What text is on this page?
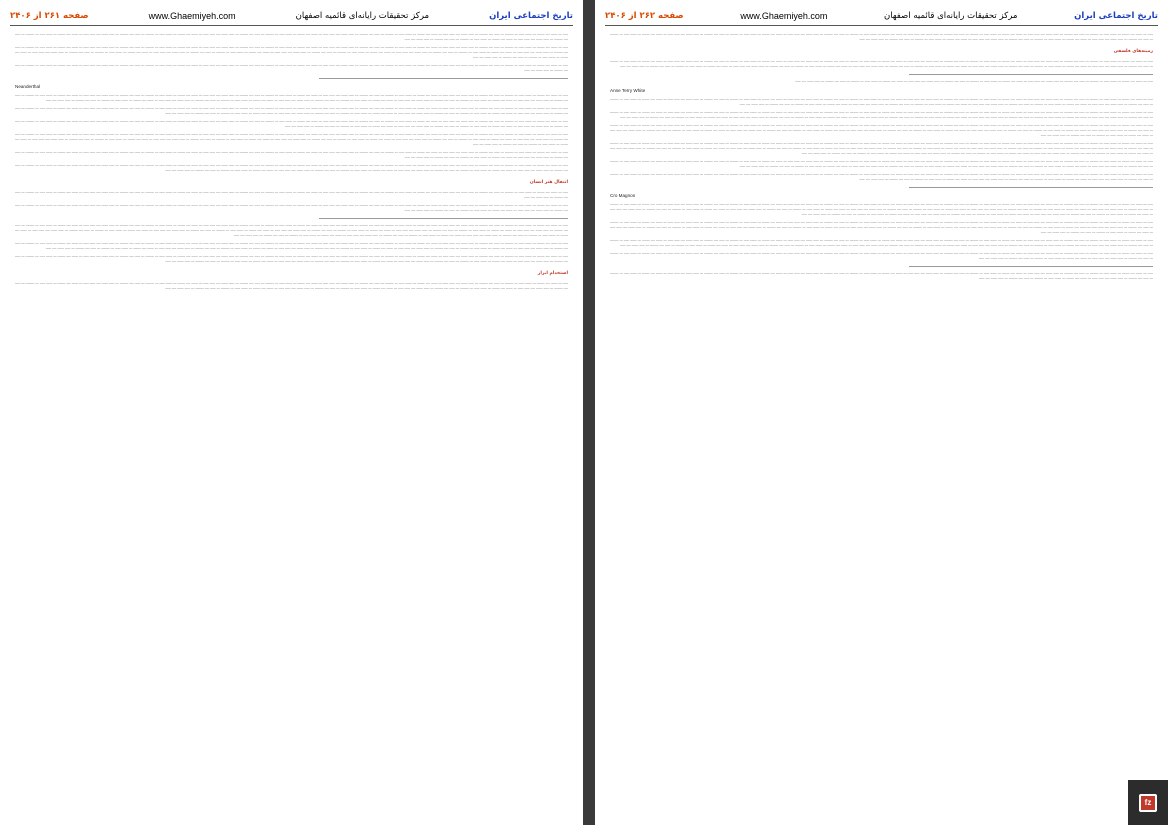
صفحه ۲۶۱ از ۲۴۰۶	www.Ghaemiyeh.com	مرکز تحقیقات رایانه‌ای قائمیه اصفهان	تاریخ اجتماعی ایران

ـــــ ـــ ــــــ ــــ ـــــــ ـــ ــــــ ـــــ ـــ ــــــــ ـــ ـــــ ــــ ــــــــ ـــ ـــــ ــــــ ــــ ـــــ ـــــ ـــ ــــــ ــــ ـــــــ ـــ ــــــ ـــــ ـــ ــــــــ ـــ ـــــ ــــ ــــــــ ـــ ـــــ ــــــ ــــ ـــــ ـــــ ـــ ــــــ ــــ ـــــــ ـــ ــــــ ـــــ ـــ ــــــــ ـــ ـــــ ــــ ــــــــ ـــ ـــــ ــــــ ــــ ـــــ ـــــ ـــ ــــــ ــــ ـــــــ ـــ ــــــ ـــــ ـــ ــــــــ ـــ ـــــ ــــ ــــــــ ـــ ـــــ ــــــ ــــ ـــــ ـــــ ـــ ــــــ ــــ ـــــــ ـــ ــــــ ـــــ ـــ ــــــــ ـــ ـــــ ــــ ــــــــ ـــ ـــــ ــــــ ــــ ـــــ ـــــ ـــ ــــــ ــــ ـــــــ ـــ ــــــ ـــــ ـــ ــــــــ ـــ ـــــ ــــ ــــــــ ـــ ـــــ ــــــ ــــ ـــــ

ـــــ ـــ ــــــ ــــ ـــــــ ـــ ــــــ ـــــ ـــ ــــــــ ـــ ـــــ ــــ ــــــــ ـــ ـــــ ــــــ ــــ ـــــ ـــــ ـــ ــــــ ــــ ـــــــ ـــ ــــــ ـــــ ـــ ــــــــ ـــ ـــــ ــــ ــــــــ ـــ ـــــ ــــــ ــــ ـــــ ـــــ ـــ ــــــ ــــ ـــــــ ـــ ــــــ ـــــ ـــ ــــــــ ـــ ـــــ ــــ ــــــــ ـــ ـــــ ــــــ ــــ ـــــ ـــــ ـــ ــــــ ــــ ـــــــ ـــ ــــــ ـــــ ـــ ــــــــ ـــ ـــــ ــــ ــــــــ ـــ ـــــ ــــــ ــــ ـــــ ـــــ ـــ ــــــ ــــ ـــــــ ـــ ــــــ ـــــ ـــ ــــــــ ـــ ـــــ ــــ ــــــــ ـــ ـــــ ــــــ ــــ ـــــ ـــــ ـــ ــــــ ــــ ـــــــ ـــ ــــــ ـــــ ـــ ــــــــ ـــ ـــــ ــــ ــــــــ ـــ ـــــ ــــــ ــــ ـــــ ـــــ ـــ ــــــ ــــ ـــــــ ـــ ــــــ ـــــ ـــ ــــــــ ـــ ـــــ ــــ ــــــــ ـــ ـــــ ــــــ ــــ ـــــ ـــــ ـــ ــــــ ــــ ـــــــ ـــ ــــــ ـــــ ـــ ــــــــ ـــ ـــــ ــــ ــــــــ ـــ ـــــ ــــــ ــــ ـــــ ـــــ ـــ ــــــ ــــ ـــــــ ـــ ــــــ ـــــ ـــ ــــــــ ـــ ـــــ ــــ ــــــــ ـــ ـــــ ــــــ ــــ ـــــ ـــــ ـــ ــــــ ــــ ـــــــ ـــ ــــــ ـــــ ـــ ــــــــ ـــ ـــــ ــــ ــــــــ ـــ ـــــ ــــــ ــــ ـــــ

ـــــ ـــ ــــــ ــــ ـــــــ ـــ ــــــ ـــــ ـــ ــــــــ ـــ ـــــ ــــ ــــــــ ـــ ـــــ ــــــ ــــ ـــــ ـــــ ـــ ــــــ ــــ ـــــــ ـــ ــــــ ـــــ ـــ ــــــــ ـــ ـــــ ــــ ــــــــ ـــ ـــــ ــــــ ــــ ـــــ ـــــ ـــ ــــــ ــــ ـــــــ ـــ ــــــ ـــــ ـــ ــــــــ ـــ ـــــ ــــ ــــــــ ـــ ـــــ ــــــ ــــ ـــــ ـــــ ـــ ــــــ ــــ ـــــــ ـــ ــــــ ـــــ ـــ ــــــــ ـــ ـــــ ــــ ــــــــ ـــ ـــــ ــــــ ــــ ـــــ ـــــ ـــ ــــــ ــــ ـــــــ ـــ ــــــ ـــــ ـــ ــــــــ ـــ ـــــ ــــ ــــــــ ـــ ـــــ ــــــ ــــ ـــــ

Neanderthal

ـــــ ـــ ــــــ ــــ ـــــــ ـــ ــــــ ـــــ ـــ ــــــــ ـــ ـــــ ــــ ــــــــ ـــ ـــــ ــــــ ــــ ـــــ ـــــ ـــ ــــــ ــــ ـــــــ ـــ ــــــ ـــــ ـــ ــــــــ ـــ ـــــ ــــ ــــــــ ـــ ـــــ ــــــ ــــ ـــــ ـــــ ـــ ــــــ ــــ ـــــــ ـــ ــــــ ـــــ ـــ ــــــــ ـــ ـــــ ــــ ــــــــ ـــ ـــــ ــــــ ــــ ـــــ ـــــ ـــ ــــــ ــــ ـــــــ ـــ ــــــ ـــــ ـــ ــــــــ ـــ ـــــ ــــ ــــــــ ـــ ـــــ ــــــ ــــ ـــــ ـــــ ـــ ــــــ ــــ ـــــــ ـــ ــــــ ـــــ ـــ ــــــــ ـــ ـــــ ــــ ــــــــ ـــ ـــــ ــــــ ــــ ـــــ ـــــ ـــ ــــــ ــــ ـــــــ ـــ ــــــ ـــــ ـــ ــــــــ ـــ ـــــ ــــ ــــــــ ـــ ـــــ ــــــ ــــ ـــــ ـــــ ـــ ــــــ ــــ ـــــــ ـــ ــــــ ـــــ ـــ ــــــــ ـــ ـــــ ــــ ــــــــ ـــ ـــــ ــــــ ــــ ـــــ ـــــ ـــ ــــــ ــــ ـــــــ ـــ ــــــ ـــــ ـــ ــــــــ ـــ ـــــ ــــ ــــــــ ـــ ـــــ ــــــ ــــ ـــــ ـــــ ـــ ــــــ ــــ ـــــــ ـــ ــــــ ـــــ ـــ ــــــــ ـــ ـــــ ــــ ــــــــ ـــ ـــــ ــــــ ــــ ـــــ

ـــــ ـــ ــــــ ــــ ـــــــ ـــ ــــــ ـــــ ـــ ــــــــ ـــ ـــــ ــــ ــــــــ ـــ ـــــ ــــــ ــــ ـــــ ـــــ ـــ ــــــ ــــ ـــــــ ـــ ــــــ ـــــ ـــ ــــــــ ـــ ـــــ ــــ ــــــــ ـــ ـــــ ــــــ ــــ ـــــ ـــــ ـــ ــــــ ــــ ـــــــ ـــ ــــــ ـــــ ـــ ــــــــ ـــ ـــــ ــــ ــــــــ ـــ ـــــ ــــــ ــــ ـــــ ـــــ ـــ ــــــ ــــ ـــــــ ـــ ــــــ ـــــ ـــ ــــــــ ـــ ـــــ ــــ ــــــــ ـــ ـــــ ــــــ ــــ ـــــ ـــــ ـــ ــــــ ــــ ـــــــ ـــ ــــــ ـــــ ـــ ــــــــ ـــ ـــــ ــــ ــــــــ ـــ ـــــ ــــــ ــــ ـــــ ـــــ ـــ ــــــ ــــ ـــــــ ـــ ــــــ ـــــ ـــ ــــــــ ـــ ـــــ ــــ ــــــــ ـــ ـــــ ــــــ ــــ ـــــ ـــــ ـــ ــــــ ــــ ـــــــ ـــ ــــــ ـــــ ـــ ــــــــ ـــ ـــــ ــــ ــــــــ ـــ ـــــ ــــــ ــــ ـــــ ـــــ ـــ ــــــ ــــ ـــــــ ـــ ــــــ ـــــ ـــ ــــــــ ـــ ـــــ ــــ ــــــــ ـــ ـــــ ــــــ ــــ ـــــ

ـــــ ـــ ــــــ ــــ ـــــــ ـــ ــــــ ـــــ ـــ ــــــــ ـــ ـــــ ــــ ــــــــ ـــ ـــــ ــــــ ــــ ـــــ ـــــ ـــ ــــــ ــــ ـــــــ ـــ ــــــ ـــــ ـــ ــــــــ ـــ ـــــ ــــ ــــــــ ـــ ـــــ ــــــ ــــ ـــــ ـــــ ـــ ــــــ ــــ ـــــــ ـــ ــــــ ـــــ ـــ ــــــــ ـــ ـــــ ــــ ــــــــ ـــ ـــــ ــــــ ــــ ـــــ ـــــ ـــ ــــــ ــــ ـــــــ ـــ ــــــ ـــــ ـــ ــــــــ ـــ ـــــ ــــ ــــــــ ـــ ـــــ ــــــ ــــ ـــــ ـــــ ـــ ــــــ ــــ ـــــــ ـــ ــــــ ـــــ ـــ ــــــــ ـــ ـــــ ــــ ــــــــ ـــ ـــــ ــــــ ــــ ـــــ ـــــ ـــ ــــــ ــــ ـــــــ ـــ ــــــ ـــــ ـــ ــــــــ ـــ ـــــ ــــ ــــــــ ـــ ـــــ ــــــ ــــ ـــــ ـــــ ـــ ــــــ ــــ ـــــــ ـــ ــــــ ـــــ ـــ ــــــــ ـــ ـــــ ــــ ــــــــ ـــ ـــــ ــــــ ــــ ـــــ

ـــــ ـــ ــــــ ــــ ـــــــ ـــ ــــــ ـــــ ـــ ــــــــ ـــ ـــــ ــــ ــــــــ ـــ ـــــ ــــــ ــــ ـــــ ـــــ ـــ ــــــ ــــ ـــــــ ـــ ــــــ ـــــ ـــ ــــــــ ـــ ـــــ ــــ ــــــــ ـــ ـــــ ــــــ ــــ ـــــ ـــــ ـــ ــــــ ــــ ـــــــ ـــ ــــــ ـــــ ـــ ــــــــ ـــ ـــــ ــــ ــــــــ ـــ ـــــ ــــــ ــــ ـــــ ـــــ ـــ ــــــ ــــ ـــــــ ـــ ــــــ ـــــ ـــ ــــــــ ـــ ـــــ ــــ ــــــــ ـــ ـــــ ــــــ ــــ ـــــ ـــــ ـــ ــــــ ــــ ـــــــ ـــ ــــــ ـــــ ـــ ــــــــ ـــ ـــــ ــــ ــــــــ ـــ ـــــ ــــــ ــــ ـــــ ـــــ ـــ ــــــ ــــ ـــــــ ـــ ــــــ ـــــ ـــ ــــــــ ـــ ـــــ ــــ ــــــــ ـــ ـــــ ــــــ ــــ ـــــ ـــــ ـــ ــــــ ــــ ـــــــ ـــ ــــــ ـــــ ـــ ــــــــ ـــ ـــــ ــــ ــــــــ ـــ ـــــ ــــــ ــــ ـــــ ـــــ ـــ ــــــ ــــ ـــــــ ـــ ــــــ ـــــ ـــ ــــــــ ـــ ـــــ ــــ ــــــــ ـــ ـــــ ــــــ ــــ ـــــ ـــــ ـــ ــــــ ــــ ـــــــ ـــ ــــــ ـــــ ـــ ــــــــ ـــ ـــــ ــــ ــــــــ ـــ ـــــ ــــــ ــــ ـــــ ـــــ ـــ ــــــ ــــ ـــــــ ـــ ــــــ ـــــ ـــ ــــــــ ـــ ـــــ ــــ ــــــــ ـــ ـــــ ــــــ ــــ ـــــ

ـــــ ـــ ــــــ ــــ ـــــــ ـــ ــــــ ـــــ ـــ ــــــــ ـــ ـــــ ــــ ــــــــ ـــ ـــــ ــــــ ــــ ـــــ ـــــ ـــ ــــــ ــــ ـــــــ ـــ ــــــ ـــــ ـــ ــــــــ ـــ ـــــ ــــ ــــــــ ـــ ـــــ ــــــ ــــ ـــــ ـــــ ـــ ــــــ ــــ ـــــــ ـــ ــــــ ـــــ ـــ ــــــــ ـــ ـــــ ــــ ــــــــ ـــ ـــــ ــــــ ــــ ـــــ ـــــ ـــ ــــــ ــــ ـــــــ ـــ ــــــ ـــــ ـــ ــــــــ ـــ ـــــ ــــ ــــــــ ـــ ـــــ ــــــ ــــ ـــــ ـــــ ـــ ــــــ ــــ ـــــــ ـــ ــــــ ـــــ ـــ ــــــــ ـــ ـــــ ــــ ــــــــ ـــ ـــــ ــــــ ــــ ـــــ ـــــ ـــ ــــــ ــــ ـــــــ ـــ ــــــ ـــــ ـــ ــــــــ ـــ ـــــ ــــ ــــــــ ـــ ـــــ ــــــ ــــ ـــــ

ـــــ ـــ ــــــ ــــ ـــــــ ـــ ــــــ ـــــ ـــ ــــــــ ـــ ـــــ ــــ ــــــــ ـــ ـــــ ــــــ ــــ ـــــ ـــــ ـــ ــــــ ــــ ـــــــ ـــ ــــــ ـــــ ـــ ــــــــ ـــ ـــــ ــــ ــــــــ ـــ ـــــ ــــــ ــــ ـــــ ـــــ ـــ ــــــ ــــ ـــــــ ـــ ــــــ ـــــ ـــ ــــــــ ـــ ـــــ ــــ ــــــــ ـــ ـــــ ــــــ ــــ ـــــ ـــــ ـــ ــــــ ــــ ـــــــ ـــ ــــــ ـــــ ـــ ــــــــ ـــ ـــــ ــــ ــــــــ ـــ ـــــ ــــــ ــــ ـــــ ـــــ ـــ ــــــ ــــ ـــــــ ـــ ــــــ ـــــ ـــ ــــــــ ـــ ـــــ ــــ ــــــــ ـــ ـــــ ــــــ ــــ ـــــ ـــــ ـــ ــــــ ــــ ـــــــ ـــ ــــــ ـــــ ـــ ــــــــ ـــ ـــــ ــــ ــــــــ ـــ ـــــ ــــــ ــــ ـــــ ـــــ ـــ ــــــ ــــ ـــــــ ـــ ــــــ ـــــ ـــ ــــــــ ـــ ـــــ ــــ ــــــــ ـــ ـــــ ــــــ ــــ ـــــ ـــــ ـــ ــــــ ــــ ـــــــ ـــ ــــــ ـــــ ـــ ــــــــ ـــ ـــــ ــــ ــــــــ ـــ ـــــ ــــــ ــــ ـــــ

انتقال هنر انسان

ـــــ ـــ ــــــ ــــ ـــــــ ـــ ــــــ ـــــ ـــ ــــــــ ـــ ـــــ ــــ ــــــــ ـــ ـــــ ــــــ ــــ ـــــ ـــــ ـــ ــــــ ــــ ـــــــ ـــ ــــــ ـــــ ـــ ــــــــ ـــ ـــــ ــــ ــــــــ ـــ ـــــ ــــــ ــــ ـــــ ـــــ ـــ ــــــ ــــ ـــــــ ـــ ــــــ ـــــ ـــ ــــــــ ـــ ـــــ ــــ ــــــــ ـــ ـــــ ــــــ ــــ ـــــ ـــــ ـــ ــــــ ــــ ـــــــ ـــ ــــــ ـــــ ـــ ــــــــ ـــ ـــــ ــــ ــــــــ ـــ ـــــ ــــــ ــــ ـــــ ـــــ ـــ ــــــ ــــ ـــــــ ـــ ــــــ ـــــ ـــ ــــــــ ـــ ـــــ ــــ ــــــــ ـــ ـــــ ــــــ ــــ ـــــ

ـــــ ـــ ــــــ ــــ ـــــــ ـــ ــــــ ـــــ ـــ ــــــــ ـــ ـــــ ــــ ــــــــ ـــ ـــــ ــــــ ــــ ـــــ ـــــ ـــ ــــــ ــــ ـــــــ ـــ ــــــ ـــــ ـــ ــــــــ ـــ ـــــ ــــ ــــــــ ـــ ـــــ ــــــ ــــ ـــــ ـــــ ـــ ــــــ ــــ ـــــــ ـــ ــــــ ـــــ ـــ ــــــــ ـــ ـــــ ــــ ــــــــ ـــ ـــــ ــــــ ــــ ـــــ ـــــ ـــ ــــــ ــــ ـــــــ ـــ ــــــ ـــــ ـــ ــــــــ ـــ ـــــ ــــ ــــــــ ـــ ـــــ ــــــ ــــ ـــــ ـــــ ـــ ــــــ ــــ ـــــــ ـــ ــــــ ـــــ ـــ ــــــــ ـــ ـــــ ــــ ــــــــ ـــ ـــــ ــــــ ــــ ـــــ ـــــ ـــ ــــــ ــــ ـــــــ ـــ ــــــ ـــــ ـــ ــــــــ ـــ ـــــ ــــ ــــــــ ـــ ـــــ ــــــ ــــ ـــــ

ـــــ ـــ ــــــ ــــ ـــــــ ـــ ــــــ ـــــ ـــ ــــــــ ـــ ـــــ ــــ ــــــــ ـــ ـــــ ــــــ ــــ ـــــ ـــــ ـــ ــــــ ــــ ـــــــ ـــ ــــــ ـــــ ـــ ــــــــ ـــ ـــــ ــــ ــــــــ ـــ ـــــ ــــــ ــــ ـــــ ـــــ ـــ ــــــ ــــ ـــــــ ـــ ــــــ ـــــ ـــ ــــــــ ـــ ـــــ ــــ ــــــــ ـــ ـــــ ــــــ ــــ ـــــ ـــــ ـــ ــــــ ــــ ـــــــ ـــ ــــــ ـــــ ـــ ــــــــ ـــ ـــــ ــــ ــــــــ ـــ ـــــ ــــــ ــــ ـــــ ـــــ ـــ ــــــ ــــ ـــــــ ـــ ــــــ ـــــ ـــ ــــــــ ـــ ـــــ ــــ ــــــــ ـــ ـــــ ــــــ ــــ ـــــ ـــــ ـــ ــــــ ــــ ـــــــ ـــ ــــــ ـــــ ـــ ــــــــ ـــ ـــــ ــــ ــــــــ ـــ ـــــ ــــــ ــــ ـــــ ـــــ ـــ ــــــ ــــ ـــــــ ـــ ــــــ ـــــ ـــ ــــــــ ـــ ـــــ ــــ ــــــــ ـــ ـــــ ــــــ ــــ ـــــ ـــــ ـــ ــــــ ــــ ـــــــ ـــ ــــــ ـــــ ـــ ــــــــ ـــ ـــــ ــــ ــــــــ ـــ ـــــ ــــــ ــــ ـــــ ـــــ ـــ ــــــ ــــ ـــــــ ـــ ــــــ ـــــ ـــ ــــــــ ـــ ـــــ ــــ ــــــــ ـــ ـــــ ــــــ ــــ ـــــ ـــــ ـــ ــــــ ــــ ـــــــ ـــ ــــــ ـــــ ـــ ــــــــ ـــ ـــــ ــــ ــــــــ ـــ ـــــ ــــــ ــــ ـــــ ـــــ ـــ ــــــ ــــ ـــــــ ـــ ــــــ ـــــ ـــ ــــــــ ـــ ـــــ ــــ ــــــــ ـــ ـــــ ــــــ ــــ ـــــ ـــــ ـــ ــــــ ــــ ـــــــ ـــ ــــــ ـــــ ـــ ــــــــ ـــ ـــــ ــــ ــــــــ ـــ ـــــ ــــــ ــــ ـــــ

ـــــ ـــ ــــــ ــــ ـــــــ ـــ ــــــ ـــــ ـــ ــــــــ ـــ ـــــ ــــ ــــــــ ـــ ـــــ ــــــ ــــ ـــــ ـــــ ـــ ــــــ ــــ ـــــــ ـــ ــــــ ـــــ ـــ ــــــــ ـــ ـــــ ــــ ــــــــ ـــ ـــــ ــــــ ــــ ـــــ ـــــ ـــ ــــــ ــــ ـــــــ ـــ ــــــ ـــــ ـــ ــــــــ ـــ ـــــ ــــ ــــــــ ـــ ـــــ ــــــ ــــ ـــــ ـــــ ـــ ــــــ ــــ ـــــــ ـــ ــــــ ـــــ ـــ ــــــــ ـــ ـــــ ــــ ــــــــ ـــ ـــــ ــــــ ــــ ـــــ ـــــ ـــ ــــــ ــــ ـــــــ ـــ ــــــ ـــــ ـــ ــــــــ ـــ ـــــ ــــ ــــــــ ـــ ـــــ ــــــ ــــ ـــــ ـــــ ـــ ــــــ ــــ ـــــــ ـــ ــــــ ـــــ ـــ ــــــــ ـــ ـــــ ــــ ــــــــ ـــ ـــــ ــــــ ــــ ـــــ ـــــ ـــ ــــــ ــــ ـــــــ ـــ ــــــ ـــــ ـــ ــــــــ ـــ ـــــ ــــ ــــــــ ـــ ـــــ ــــــ ــــ ـــــ ـــــ ـــ ــــــ ــــ ـــــــ ـــ ــــــ ـــــ ـــ ــــــــ ـــ ـــــ ــــ ــــــــ ـــ ـــــ ــــــ ــــ ـــــ ـــــ ـــ ــــــ ــــ ـــــــ ـــ ــــــ ـــــ ـــ ــــــــ ـــ ـــــ ــــ ــــــــ ـــ ـــــ ــــــ ــــ ـــــ

ـــــ ـــ ــــــ ــــ ـــــــ ـــ ــــــ ـــــ ـــ ــــــــ ـــ ـــــ ــــ ــــــــ ـــ ـــــ ــــــ ــــ ـــــ ـــــ ـــ ــــــ ــــ ـــــــ ـــ ــــــ ـــــ ـــ ــــــــ ـــ ـــــ ــــ ــــــــ ـــ ـــــ ــــــ ــــ ـــــ ـــــ ـــ ــــــ ــــ ـــــــ ـــ ــــــ ـــــ ـــ ــــــــ ـــ ـــــ ــــ ــــــــ ـــ ـــــ ــــــ ــــ ـــــ ـــــ ـــ ــــــ ــــ ـــــــ ـــ ــــــ ـــــ ـــ ــــــــ ـــ ـــــ ــــ ــــــــ ـــ ـــــ ــــــ ــــ ـــــ ـــــ ـــ ــــــ ــــ ـــــــ ـــ ــــــ ـــــ ـــ ــــــــ ـــ ـــــ ــــ ــــــــ ـــ ـــــ ــــــ ــــ ـــــ ـــــ ـــ ــــــ ــــ ـــــــ ـــ ــــــ ـــــ ـــ ــــــــ ـــ ـــــ ــــ ــــــــ ـــ ـــــ ــــــ ــــ ـــــ ـــــ ـــ ــــــ ــــ ـــــــ ـــ ــــــ ـــــ ـــ ــــــــ ـــ ـــــ ــــ ــــــــ ـــ ـــــ ــــــ ــــ ـــــ ـــــ ـــ ــــــ ــــ ـــــــ ـــ ــــــ ـــــ ـــ ــــــــ ـــ ـــــ ــــ ــــــــ ـــ ـــــ ــــــ ــــ ـــــ

استخدام ابزار

ـــــ ـــ ــــــ ــــ ـــــــ ـــ ــــــ ـــــ ـــ ــــــــ ـــ ـــــ ــــ ــــــــ ـــ ـــــ ــــــ ــــ ـــــ ـــــ ـــ ــــــ ــــ ـــــــ ـــ ــــــ ـــــ ـــ ــــــــ ـــ ـــــ ــــ ــــــــ ـــ ـــــ ــــــ ــــ ـــــ ـــــ ـــ ــــــ ــــ ـــــــ ـــ ــــــ ـــــ ـــ ــــــــ ـــ ـــــ ــــ ــــــــ ـــ ـــــ ــــــ ــــ ـــــ ـــــ ـــ ــــــ ــــ ـــــــ ـــ ــــــ ـــــ ـــ ــــــــ ـــ ـــــ ــــ ــــــــ ـــ ـــــ ــــــ ــــ ـــــ ـــــ ـــ ــــــ ــــ ـــــــ ـــ ــــــ ـــــ ـــ ــــــــ ـــ ـــــ ــــ ــــــــ ـــ ـــــ ــــــ ــــ ـــــ ـــــ ـــ ــــــ ــــ ـــــــ ـــ ــــــ ـــــ ـــ ــــــــ ـــ ـــــ ــــ ــــــــ ـــ ـــــ ــــــ ــــ ـــــ ـــــ ـــ ــــــ ــــ ـــــــ ـــ ــــــ ـــــ ـــ ــــــــ ـــ ـــــ ــــ ــــــــ ـــ ـــــ ــــــ ــــ ـــــ ـــــ ـــ ــــــ ــــ ـــــــ ـــ ــــــ ـــــ ـــ ــــــــ ـــ ـــــ ــــ ــــــــ ـــ ـــــ ــــــ ــــ ـــــ

صفحه ۲۶۲ از ۲۴۰۶	www.Ghaemiyeh.com	مرکز تحقیقات رایانه‌ای قائمیه اصفهان	تاریخ اجتماعی ایران

ـــــ ـــ ــــــ ــــ ـــــــ ـــ ــــــ ـــــ ـــ ــــــــ ـــ ـــــ ــــ ــــــــ ـــ ـــــ ــــــ ــــ ـــــ ـــــ ـــ ــــــ ــــ ـــــــ ـــ ــــــ ـــــ ـــ ــــــــ ـــ ـــــ ــــ ــــــــ ـــ ـــــ ــــــ ــــ ـــــ ـــــ ـــ ــــــ ــــ ـــــــ ـــ ــــــ ـــــ ـــ ــــــــ ـــ ـــــ ــــ ــــــــ ـــ ـــــ ــــــ ــــ ـــــ ـــــ ـــ ــــــ ــــ ـــــــ ـــ ــــــ ـــــ ـــ ــــــــ ـــ ـــــ ــــ ــــــــ ـــ ـــــ ــــــ ــــ ـــــ ـــــ ـــ ــــــ ــــ ـــــــ ـــ ــــــ ـــــ ـــ ــــــــ ـــ ـــــ ــــ ــــــــ ـــ ـــــ ــــــ ــــ ـــــ ـــــ ـــ ــــــ ــــ ـــــــ ـــ ــــــ ـــــ ـــ ــــــــ ـــ ـــــ ــــ ــــــــ ـــ ـــــ ــــــ ــــ ـــــ ـــــ ـــ ــــــ ــــ ـــــــ ـــ ــــــ ـــــ ـــ ــــــــ ـــ ـــــ ــــ ــــــــ ـــ ـــــ ــــــ ــــ ـــــ

زمینه‌های فلسفی

ـــــ ـــ ــــــ ــــ ـــــــ ـــ ــــــ ـــــ ـــ ــــــــ ـــ ـــــ ــــ ــــــــ ـــ ـــــ ــــــ ــــ ـــــ ـــــ ـــ ــــــ ــــ ـــــــ ـــ ــــــ ـــــ ـــ ــــــــ ـــ ـــــ ــــ ــــــــ ـــ ـــــ ــــــ ــــ ـــــ ـــــ ـــ ــــــ ــــ ـــــــ ـــ ــــــ ـــــ ـــ ــــــــ ـــ ـــــ ــــ ــــــــ ـــ ـــــ ــــــ ــــ ـــــ ـــــ ـــ ــــــ ــــ ـــــــ ـــ ــــــ ـــــ ـــ ــــــــ ـــ ـــــ ــــ ــــــــ ـــ ـــــ ــــــ ــــ ـــــ ـــــ ـــ ــــــ ــــ ـــــــ ـــ ــــــ ـــــ ـــ ــــــــ ـــ ـــــ ــــ ــــــــ ـــ ـــــ ــــــ ــــ ـــــ ـــــ ـــ ــــــ ــــ ـــــــ ـــ ــــــ ـــــ ـــ ــــــــ ـــ ـــــ ــــ ــــــــ ـــ ـــــ ــــــ ــــ ـــــ ـــــ ـــ ــــــ ــــ ـــــــ ـــ ــــــ ـــــ ـــ ــــــــ ـــ ـــــ ــــ ــــــــ ـــ ـــــ ــــــ ــــ ـــــ ـــــ ـــ ــــــ ــــ ـــــــ ـــ ــــــ ـــــ ـــ ــــــــ ـــ ـــــ ــــ ــــــــ ـــ ـــــ ــــــ ــــ ـــــ ـــــ ـــ ــــــ ــــ ـــــــ ـــ ــــــ ـــــ ـــ ــــــــ ـــ ـــــ ــــ ــــــــ ـــ ـــــ ــــــ ــــ ـــــ

ـــــ ـــ ــــــ ــــ ـــــــ ـــ ــــــ ـــــ ـــ ــــــــ ـــ ـــــ ــــ ــــــــ ـــ ـــــ ــــــ ــــ ـــــ ـــــ ـــ ــــــ ــــ ـــــــ ـــ ــــــ ـــــ ـــ ــــــــ ـــ ـــــ ــــ ــــــــ ـــ ـــــ ــــــ ــــ ـــــ ـــــ ـــ ــــــ ــــ ـــــــ ـــ ــــــ ـــــ ـــ ــــــــ ـــ ـــــ ــــ ــــــــ ـــ ـــــ ــــــ ــــ ـــــ

Anne Terry White

ـــــ ـــ ــــــ ــــ ـــــــ ـــ ــــــ ـــــ ـــ ــــــــ ـــ ـــــ ــــ ــــــــ ـــ ـــــ ــــــ ــــ ـــــ ـــــ ـــ ــــــ ــــ ـــــــ ـــ ــــــ ـــــ ـــ ــــــــ ـــ ـــــ ــــ ــــــــ ـــ ـــــ ــــــ ــــ ـــــ ـــــ ـــ ــــــ ــــ ـــــــ ـــ ــــــ ـــــ ـــ ــــــــ ـــ ـــــ ــــ ــــــــ ـــ ـــــ ــــــ ــــ ـــــ ـــــ ـــ ــــــ ــــ ـــــــ ـــ ــــــ ـــــ ـــ ــــــــ ـــ ـــــ ــــ ــــــــ ـــ ـــــ ــــــ ــــ ـــــ ـــــ ـــ ــــــ ــــ ـــــــ ـــ ــــــ ـــــ ـــ ــــــــ ـــ ـــــ ــــ ــــــــ ـــ ـــــ ــــــ ــــ ـــــ ـــــ ـــ ــــــ ــــ ـــــــ ـــ ــــــ ـــــ ـــ ــــــــ ـــ ـــــ ــــ ــــــــ ـــ ـــــ ــــــ ــــ ـــــ ـــــ ـــ ــــــ ــــ ـــــــ ـــ ــــــ ـــــ ـــ ــــــــ ـــ ـــــ ــــ ــــــــ ـــ ـــــ ــــــ ــــ ـــــ ـــــ ـــ ــــــ ــــ ـــــــ ـــ ــــــ ـــــ ـــ ــــــــ ـــ ـــــ ــــ ــــــــ ـــ ـــــ ــــــ ــــ ـــــ

ـــــ ـــ ــــــ ــــ ـــــــ ـــ ــــــ ـــــ ـــ ــــــــ ـــ ـــــ ــــ ــــــــ ـــ ـــــ ــــــ ــــ ـــــ ـــــ ـــ ــــــ ــــ ـــــــ ـــ ــــــ ـــــ ـــ ــــــــ ـــ ـــــ ــــ ــــــــ ـــ ـــــ ــــــ ــــ ـــــ ـــــ ـــ ــــــ ــــ ـــــــ ـــ ــــــ ـــــ ـــ ــــــــ ـــ ـــــ ــــ ــــــــ ـــ ـــــ ــــــ ــــ ـــــ ـــــ ـــ ــــــ ــــ ـــــــ ـــ ــــــ ـــــ ـــ ــــــــ ـــ ـــــ ــــ ــــــــ ـــ ـــــ ــــــ ــــ ـــــ ـــــ ـــ ــــــ ــــ ـــــــ ـــ ــــــ ـــــ ـــ ــــــــ ـــ ـــــ ــــ ــــــــ ـــ ـــــ ــــــ ــــ ـــــ ـــــ ـــ ــــــ ــــ ـــــــ ـــ ــــــ ـــــ ـــ ــــــــ ـــ ـــــ ــــ ــــــــ ـــ ـــــ ــــــ ــــ ـــــ ـــــ ـــ ــــــ ــــ ـــــــ ـــ ــــــ ـــــ ـــ ــــــــ ـــ ـــــ ــــ ــــــــ ـــ ـــــ ــــــ ــــ ـــــ ـــــ ـــ ــــــ ــــ ـــــــ ـــ ــــــ ـــــ ـــ ــــــــ ـــ ـــــ ــــ ــــــــ ـــ ـــــ ــــــ ــــ ـــــ ـــــ ـــ ــــــ ــــ ـــــــ ـــ ــــــ ـــــ ـــ ــــــــ ـــ ـــــ ــــ ــــــــ ـــ ـــــ ــــــ ــــ ـــــ

ـــــ ـــ ــــــ ــــ ـــــــ ـــ ــــــ ـــــ ـــ ــــــــ ـــ ـــــ ــــ ــــــــ ـــ ـــــ ــــــ ــــ ـــــ ـــــ ـــ ــــــ ــــ ـــــــ ـــ ــــــ ـــــ ـــ ــــــــ ـــ ـــــ ــــ ــــــــ ـــ ـــــ ــــــ ــــ ـــــ ـــــ ـــ ــــــ ــــ ـــــــ ـــ ــــــ ـــــ ـــ ــــــــ ـــ ـــــ ــــ ــــــــ ـــ ـــــ ــــــ ــــ ـــــ ـــــ ـــ ــــــ ــــ ـــــــ ـــ ــــــ ـــــ ـــ ــــــــ ـــ ـــــ ــــ ــــــــ ـــ ـــــ ــــــ ــــ ـــــ ـــــ ـــ ــــــ ــــ ـــــــ ـــ ــــــ ـــــ ـــ ــــــــ ـــ ـــــ ــــ ــــــــ ـــ ـــــ ــــــ ــــ ـــــ ـــــ ـــ ــــــ ــــ ـــــــ ـــ ــــــ ـــــ ـــ ــــــــ ـــ ـــــ ــــ ــــــــ ـــ ـــــ ــــــ ــــ ـــــ ـــــ ـــ ــــــ ــــ ـــــــ ـــ ــــــ ـــــ ـــ ــــــــ ـــ ـــــ ــــ ــــــــ ـــ ـــــ ــــــ ــــ ـــــ ـــــ ـــ ــــــ ــــ ـــــــ ـــ ــــــ ـــــ ـــ ــــــــ ـــ ـــــ ــــ ــــــــ ـــ ـــــ ــــــ ــــ ـــــ ـــــ ـــ ــــــ ــــ ـــــــ ـــ ــــــ ـــــ ـــ ــــــــ ـــ ـــــ ــــ ــــــــ ـــ ـــــ ــــــ ــــ ـــــ ـــــ ـــ ــــــ ــــ ـــــــ ـــ ــــــ ـــــ ـــ ــــــــ ـــ ـــــ ــــ ــــــــ ـــ ـــــ ــــــ ــــ ـــــ

ـــــ ـــ ــــــ ــــ ـــــــ ـــ ــــــ ـــــ ـــ ــــــــ ـــ ـــــ ــــ ــــــــ ـــ ـــــ ــــــ ــــ ـــــ ـــــ ـــ ــــــ ــــ ـــــــ ـــ ــــــ ـــــ ـــ ــــــــ ـــ ـــــ ــــ ــــــــ ـــ ـــــ ــــــ ــــ ـــــ ـــــ ـــ ــــــ ــــ ـــــــ ـــ ــــــ ـــــ ـــ ــــــــ ـــ ـــــ ــــ ــــــــ ـــ ـــــ ــــــ ــــ ـــــ ـــــ ـــ ــــــ ــــ ـــــــ ـــ ــــــ ـــــ ـــ ــــــــ ـــ ـــــ ــــ ــــــــ ـــ ـــــ ــــــ ــــ ـــــ ـــــ ـــ ــــــ ــــ ـــــــ ـــ ــــــ ـــــ ـــ ــــــــ ـــ ـــــ ــــ ــــــــ ـــ ـــــ ــــــ ــــ ـــــ ـــــ ـــ ــــــ ــــ ـــــــ ـــ ــــــ ـــــ ـــ ــــــــ ـــ ـــــ ــــ ــــــــ ـــ ـــــ ــــــ ــــ ـــــ ـــــ ـــ ــــــ ــــ ـــــــ ـــ ــــــ ـــــ ـــ ــــــــ ـــ ـــــ ــــ ــــــــ ـــ ـــــ ــــــ ــــ ـــــ ـــــ ـــ ــــــ ــــ ـــــــ ـــ ــــــ ـــــ ـــ ــــــــ ـــ ـــــ ــــ ــــــــ ـــ ـــــ ــــــ ــــ ـــــ ـــــ ـــ ــــــ ــــ ـــــــ ـــ ــــــ ـــــ ـــ ــــــــ ـــ ـــــ ــــ ــــــــ ـــ ـــــ ــــــ ــــ ـــــ ـــــ ـــ ــــــ ــــ ـــــــ ـــ ــــــ ـــــ ـــ ــــــــ ـــ ـــــ ــــ ــــــــ ـــ ـــــ ــــــ ــــ ـــــ ـــــ ـــ ــــــ ــــ ـــــــ ـــ ــــــ ـــــ ـــ ــــــــ ـــ ـــــ ــــ ــــــــ ـــ ـــــ ــــــ ــــ ـــــ ـــــ ـــ ــــــ ــــ ـــــــ ـــ ــــــ ـــــ ـــ ــــــــ ـــ ـــــ ــــ ــــــــ ـــ ـــــ ــــــ ــــ ـــــ

ـــــ ـــ ــــــ ــــ ـــــــ ـــ ــــــ ـــــ ـــ ــــــــ ـــ ـــــ ــــ ــــــــ ـــ ـــــ ــــــ ــــ ـــــ ـــــ ـــ ــــــ ــــ ـــــــ ـــ ــــــ ـــــ ـــ ــــــــ ـــ ـــــ ــــ ــــــــ ـــ ـــــ ــــــ ــــ ـــــ ـــــ ـــ ــــــ ــــ ـــــــ ـــ ــــــ ـــــ ـــ ــــــــ ـــ ـــــ ــــ ــــــــ ـــ ـــــ ــــــ ــــ ـــــ ـــــ ـــ ــــــ ــــ ـــــــ ـــ ــــــ ـــــ ـــ ــــــــ ـــ ـــــ ــــ ــــــــ ـــ ـــــ ــــــ ــــ ـــــ ـــــ ـــ ــــــ ــــ ـــــــ ـــ ــــــ ـــــ ـــ ــــــــ ـــ ـــــ ــــ ــــــــ ـــ ـــــ ــــــ ــــ ـــــ ـــــ ـــ ــــــ ــــ ـــــــ ـــ ــــــ ـــــ ـــ ــــــــ ـــ ـــــ ــــ ــــــــ ـــ ـــــ ــــــ ــــ ـــــ ـــــ ـــ ــــــ ــــ ـــــــ ـــ ــــــ ـــــ ـــ ــــــــ ـــ ـــــ ــــ ــــــــ ـــ ـــــ ــــــ ــــ ـــــ ـــــ ـــ ــــــ ــــ ـــــــ ـــ ــــــ ـــــ ـــ ــــــــ ـــ ـــــ ــــ ــــــــ ـــ ـــــ ــــــ ــــ ـــــ

ـــــ ـــ ــــــ ــــ ـــــــ ـــ ــــــ ـــــ ـــ ــــــــ ـــ ـــــ ــــ ــــــــ ـــ ـــــ ــــــ ــــ ـــــ ـــــ ـــ ــــــ ــــ ـــــــ ـــ ــــــ ـــــ ـــ ــــــــ ـــ ـــــ ــــ ــــــــ ـــ ـــــ ــــــ ــــ ـــــ ـــــ ـــ ــــــ ــــ ـــــــ ـــ ــــــ ـــــ ـــ ــــــــ ـــ ـــــ ــــ ــــــــ ـــ ـــــ ــــــ ــــ ـــــ ـــــ ـــ ــــــ ــــ ـــــــ ـــ ــــــ ـــــ ـــ ــــــــ ـــ ـــــ ــــ ــــــــ ـــ ـــــ ــــــ ــــ ـــــ ـــــ ـــ ــــــ ــــ ـــــــ ـــ ــــــ ـــــ ـــ ــــــــ ـــ ـــــ ــــ ــــــــ ـــ ـــــ ــــــ ــــ ـــــ ـــــ ـــ ــــــ ــــ ـــــــ ـــ ــــــ ـــــ ـــ ــــــــ ـــ ـــــ ــــ ــــــــ ـــ ـــــ ــــــ ــــ ـــــ ـــــ ـــ ــــــ ــــ ـــــــ ـــ ــــــ ـــــ ـــ ــــــــ ـــ ـــــ ــــ ــــــــ ـــ ـــــ ــــــ ــــ ـــــ

Cro Magnon

ـــــ ـــ ــــــ ــــ ـــــــ ـــ ــــــ ـــــ ـــ ــــــــ ـــ ـــــ ــــ ــــــــ ـــ ـــــ ــــــ ــــ ـــــ ـــــ ـــ ــــــ ــــ ـــــــ ـــ ــــــ ـــــ ـــ ــــــــ ـــ ـــــ ــــ ــــــــ ـــ ـــــ ــــــ ــــ ـــــ ـــــ ـــ ــــــ ــــ ـــــــ ـــ ــــــ ـــــ ـــ ــــــــ ـــ ـــــ ــــ ــــــــ ـــ ـــــ ــــــ ــــ ـــــ ـــــ ـــ ــــــ ــــ ـــــــ ـــ ــــــ ـــــ ـــ ــــــــ ـــ ـــــ ــــ ــــــــ ـــ ـــــ ــــــ ــــ ـــــ ـــــ ـــ ــــــ ــــ ـــــــ ـــ ــــــ ـــــ ـــ ــــــــ ـــ ـــــ ــــ ــــــــ ـــ ـــــ ــــــ ــــ ـــــ ـــــ ـــ ــــــ ــــ ـــــــ ـــ ــــــ ـــــ ـــ ــــــــ ـــ ـــــ ــــ ــــــــ ـــ ـــــ ــــــ ــــ ـــــ ـــــ ـــ ــــــ ــــ ـــــــ ـــ ــــــ ـــــ ـــ ــــــــ ـــ ـــــ ــــ ــــــــ ـــ ـــــ ــــــ ــــ ـــــ ـــــ ـــ ــــــ ــــ ـــــــ ـــ ــــــ ـــــ ـــ ــــــــ ـــ ـــــ ــــ ــــــــ ـــ ـــــ ــــــ ــــ ـــــ ـــــ ـــ ــــــ ــــ ـــــــ ـــ ــــــ ـــــ ـــ ــــــــ ـــ ـــــ ــــ ــــــــ ـــ ـــــ ــــــ ــــ ـــــ ـــــ ـــ ــــــ ــــ ـــــــ ـــ ــــــ ـــــ ـــ ــــــــ ـــ ـــــ ــــ ــــــــ ـــ ـــــ ــــــ ــــ ـــــ ـــــ ـــ ــــــ ــــ ـــــــ ـــ ــــــ ـــــ ـــ ــــــــ ـــ ـــــ ــــ ــــــــ ـــ ـــــ ــــــ ــــ ـــــ ـــــ ـــ ــــــ ــــ ـــــــ ـــ ــــــ ـــــ ـــ ــــــــ ـــ ـــــ ــــ ــــــــ ـــ ـــــ ــــــ ــــ ـــــ

ـــــ ـــ ــــــ ــــ ـــــــ ـــ ــــــ ـــــ ـــ ــــــــ ـــ ـــــ ــــ ــــــــ ـــ ـــــ ــــــ ــــ ـــــ ـــــ ـــ ــــــ ــــ ـــــــ ـــ ــــــ ـــــ ـــ ــــــــ ـــ ـــــ ــــ ــــــــ ـــ ـــــ ــــــ ــــ ـــــ ـــــ ـــ ــــــ ــــ ـــــــ ـــ ــــــ ـــــ ـــ ــــــــ ـــ ـــــ ــــ ــــــــ ـــ ـــــ ــــــ ــــ ـــــ ـــــ ـــ ــــــ ــــ ـــــــ ـــ ــــــ ـــــ ـــ ــــــــ ـــ ـــــ ــــ ــــــــ ـــ ـــــ ــــــ ــــ ـــــ ـــــ ـــ ــــــ ــــ ـــــــ ـــ ــــــ ـــــ ـــ ــــــــ ـــ ـــــ ــــ ــــــــ ـــ ـــــ ــــــ ــــ ـــــ ـــــ ـــ ــــــ ــــ ـــــــ ـــ ــــــ ـــــ ـــ ــــــــ ـــ ـــــ ــــ ــــــــ ـــ ـــــ ــــــ ــــ ـــــ ـــــ ـــ ــــــ ــــ ـــــــ ـــ ــــــ ـــــ ـــ ــــــــ ـــ ـــــ ــــ ــــــــ ـــ ـــــ ــــــ ــــ ـــــ ـــــ ـــ ــــــ ــــ ـــــــ ـــ ــــــ ـــــ ـــ ــــــــ ـــ ـــــ ــــ ــــــــ ـــ ـــــ ــــــ ــــ ـــــ ـــــ ـــ ــــــ ــــ ـــــــ ـــ ــــــ ـــــ ـــ ــــــــ ـــ ـــــ ــــ ــــــــ ـــ ـــــ ــــــ ــــ ـــــ ـــــ ـــ ــــــ ــــ ـــــــ ـــ ــــــ ـــــ ـــ ــــــــ ـــ ـــــ ــــ ــــــــ ـــ ـــــ ــــــ ــــ ـــــ

ـــــ ـــ ــــــ ــــ ـــــــ ـــ ــــــ ـــــ ـــ ــــــــ ـــ ـــــ ــــ ــــــــ ـــ ـــــ ــــــ ــــ ـــــ ـــــ ـــ ــــــ ــــ ـــــــ ـــ ــــــ ـــــ ـــ ــــــــ ـــ ـــــ ــــ ــــــــ ـــ ـــــ ــــــ ــــ ـــــ ـــــ ـــ ــــــ ــــ ـــــــ ـــ ــــــ ـــــ ـــ ــــــــ ـــ ـــــ ــــ ــــــــ ـــ ـــــ ــــــ ــــ ـــــ ـــــ ـــ ــــــ ــــ ـــــــ ـــ ــــــ ـــــ ـــ ــــــــ ـــ ـــــ ــــ ــــــــ ـــ ـــــ ــــــ ــــ ـــــ ـــــ ـــ ــــــ ــــ ـــــــ ـــ ــــــ ـــــ ـــ ــــــــ ـــ ـــــ ــــ ــــــــ ـــ ـــــ ــــــ ــــ ـــــ ـــــ ـــ ــــــ ــــ ـــــــ ـــ ــــــ ـــــ ـــ ــــــــ ـــ ـــــ ــــ ــــــــ ـــ ـــــ ــــــ ــــ ـــــ ـــــ ـــ ــــــ ــــ ـــــــ ـــ ــــــ ـــــ ـــ ــــــــ ـــ ـــــ ــــ ــــــــ ـــ ـــــ ــــــ ــــ ـــــ ـــــ ـــ ــــــ ــــ ـــــــ ـــ ــــــ ـــــ ـــ ــــــــ ـــ ـــــ ــــ ــــــــ ـــ ـــــ ــــــ ــــ ـــــ ـــــ ـــ ــــــ ــــ ـــــــ ـــ ــــــ ـــــ ـــ ــــــــ ـــ ـــــ ــــ ــــــــ ـــ ـــــ ــــــ ــــ ـــــ

ـــــ ـــ ــــــ ــــ ـــــــ ـــ ــــــ ـــــ ـــ ــــــــ ـــ ـــــ ــــ ــــــــ ـــ ـــــ ــــــ ــــ ـــــ ـــــ ـــ ــــــ ــــ ـــــــ ـــ ــــــ ـــــ ـــ ــــــــ ـــ ـــــ ــــ ــــــــ ـــ ـــــ ــــــ ــــ ـــــ ـــــ ـــ ــــــ ــــ ـــــــ ـــ ــــــ ـــــ ـــ ــــــــ ـــ ـــــ ــــ ــــــــ ـــ ـــــ ــــــ ــــ ـــــ ـــــ ـــ ــــــ ــــ ـــــــ ـــ ــــــ ـــــ ـــ ــــــــ ـــ ـــــ ــــ ــــــــ ـــ ـــــ ــــــ ــــ ـــــ ـــــ ـــ ــــــ ــــ ـــــــ ـــ ــــــ ـــــ ـــ ــــــــ ـــ ـــــ ــــ ــــــــ ـــ ـــــ ــــــ ــــ ـــــ ـــــ ـــ ــــــ ــــ ـــــــ ـــ ــــــ ـــــ ـــ ــــــــ ـــ ـــــ ــــ ــــــــ ـــ ـــــ ــــــ ــــ ـــــ

ـــــ ـــ ــــــ ــــ ـــــــ ـــ ــــــ ـــــ ـــ ــــــــ ـــ ـــــ ــــ ــــــــ ـــ ـــــ ــــــ ــــ ـــــ ـــــ ـــ ــــــ ــــ ـــــــ ـــ ــــــ ـــــ ـــ ــــــــ ـــ ـــــ ــــ ــــــــ ـــ ـــــ ــــــ ــــ ـــــ ـــــ ـــ ــــــ ــــ ـــــــ ـــ ــــــ ـــــ ـــ ــــــــ ـــ ـــــ ــــ ــــــــ ـــ ـــــ ــــــ ــــ ـــــ ـــــ ـــ ــــــ ــــ ـــــــ ـــ ــــــ ـــــ ـــ ــــــــ ـــ ـــــ ــــ ــــــــ ـــ ـــــ ــــــ ــــ ـــــ ـــــ ـــ ــــــ ــــ ـــــــ ـــ ــــــ ـــــ ـــ ــــــــ ـــ ـــــ ــــ ــــــــ ـــ ـــــ ــــــ ــــ ـــــ ـــــ ـــ ــــــ ــــ ـــــــ ـــ ــــــ ـــــ ـــ ــــــــ ـــ ـــــ ــــ ــــــــ ـــ ـــــ ــــــ ــــ ـــــ

fz
